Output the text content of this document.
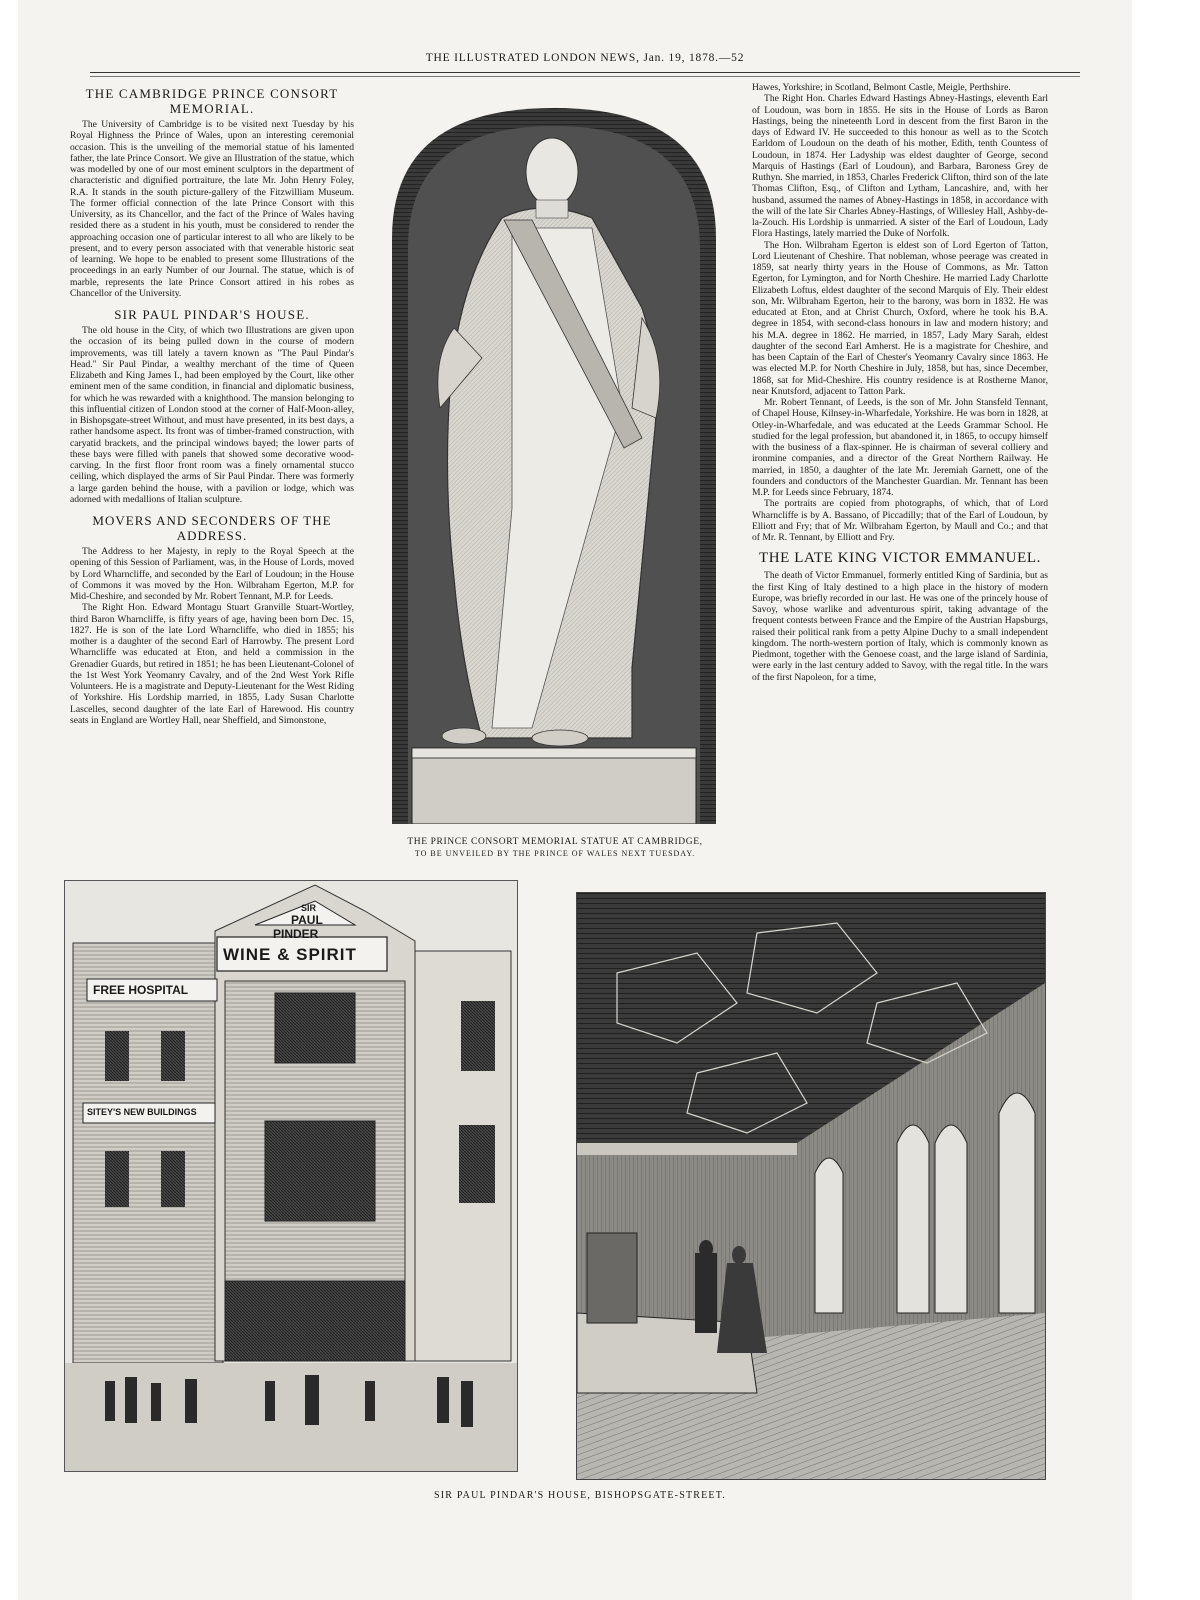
THE ILLUSTRATED LONDON NEWS, Jan. 19, 1878.—52
THE CAMBRIDGE PRINCE CONSORT
MEMORIAL.

The University of Cambridge is to be visited next Tuesday by his Royal Highness the Prince of Wales, upon an interesting ceremonial occasion. This is the unveiling of the memorial statue of his lamented father, the late Prince Consort. We give an Illustration of the statue, which was modelled by one of our most eminent sculptors in the department of characteristic and dignified portraiture, the late Mr. John Henry Foley, R.A. It stands in the south picture-gallery of the Fitzwilliam Museum. The former official connection of the late Prince Consort with this University, as its Chancellor, and the fact of the Prince of Wales having resided there as a student in his youth, must be considered to render the approaching occasion one of particular interest to all who are likely to be present, and to every person associated with that venerable historic seat of learning. We hope to be enabled to present some Illustrations of the proceedings in an early Number of our Journal. The statue, which is of marble, represents the late Prince Consort attired in his robes as Chancellor of the University.

SIR PAUL PINDAR'S HOUSE.

The old house in the City, of which two Illustrations are given upon the occasion of its being pulled down in the course of modern improvements, was till lately a tavern known as "The Paul Pindar's Head." Sir Paul Pindar, a wealthy merchant of the time of Queen Elizabeth and King James I., had been employed by the Court, like other eminent men of the same condition, in financial and diplomatic business, for which he was rewarded with a knighthood. The mansion belonging to this influential citizen of London stood at the corner of Half-Moon-alley, in Bishopsgate-street Without, and must have presented, in its best days, a rather handsome aspect. Its front was of timber-framed construction, with caryatid brackets, and the principal windows bayed; the lower parts of these bays were filled with panels that showed some decorative wood-carving. In the first floor front room was a finely ornamental stucco ceiling, which displayed the arms of Sir Paul Pindar. There was formerly a large garden behind the house, with a pavilion or lodge, which was adorned with medallions of Italian sculpture.

MOVERS AND SECONDERS OF THE
ADDRESS.

The Address to her Majesty, in reply to the Royal Speech at the opening of this Session of Parliament, was, in the House of Lords, moved by Lord Wharncliffe, and seconded by the Earl of Loudoun; in the House of Commons it was moved by the Hon. Wilbraham Egerton, M.P. for Mid-Cheshire, and seconded by Mr. Robert Tennant, M.P. for Leeds.

The Right Hon. Edward Montagu Stuart Granville Stuart-Wortley, third Baron Wharncliffe, is fifty years of age, having been born Dec. 15, 1827. He is son of the late Lord Wharncliffe, who died in 1855; his mother is a daughter of the second Earl of Harrowby. The present Lord Wharncliffe was educated at Eton, and held a commission in the Grenadier Guards, but retired in 1851; he has been Lieutenant-Colonel of the 1st West York Yeomanry Cavalry, and of the 2nd West York Rifle Volunteers. He is a magistrate and Deputy-Lieutenant for the West Riding of Yorkshire. His Lordship married, in 1855, Lady Susan Charlotte Lascelles, second daughter of the late Earl of Harewood. His country seats in England are Wortley Hall, near Sheffield, and Simonstone,

THE PRINCE CONSORT MEMORIAL STATUE AT CAMBRIDGE,
TO BE UNVEILED BY THE PRINCE OF WALES NEXT TUESDAY.

Hawes, Yorkshire; in Scotland, Belmont Castle, Meigle, Perthshire.

The Right Hon. Charles Edward Hastings Abney-Hastings, eleventh Earl of Loudoun, was born in 1855. He sits in the House of Lords as Baron Hastings, being the nineteenth Lord in descent from the first Baron in the days of Edward IV. He succeeded to this honour as well as to the Scotch Earldom of Loudoun on the death of his mother, Edith, tenth Countess of Loudoun, in 1874. Her Ladyship was eldest daughter of George, second Marquis of Hastings (Earl of Loudoun), and Barbara, Baroness Grey de Ruthyn. She married, in 1853, Charles Frederick Clifton, third son of the late Thomas Clifton, Esq., of Clifton and Lytham, Lancashire, and, with her husband, assumed the names of Abney-Hastings in 1858, in accordance with the will of the late Sir Charles Abney-Hastings, of Willesley Hall, Ashby-de-la-Zouch. His Lordship is unmarried. A sister of the Earl of Loudoun, Lady Flora Hastings, lately married the Duke of Norfolk.

The Hon. Wilbraham Egerton is eldest son of Lord Egerton of Tatton, Lord Lieutenant of Cheshire. That nobleman, whose peerage was created in 1859, sat nearly thirty years in the House of Commons, as Mr. Tatton Egerton, for Lymington, and for North Cheshire. He married Lady Charlotte Elizabeth Loftus, eldest daughter of the second Marquis of Ely. Their eldest son, Mr. Wilbraham Egerton, heir to the barony, was born in 1832. He was educated at Eton, and at Christ Church, Oxford, where he took his B.A. degree in 1854, with second-class honours in law and modern history; and his M.A. degree in 1862. He married, in 1857, Lady Mary Sarah, eldest daughter of the second Earl Amherst. He is a magistrate for Cheshire, and has been Captain of the Earl of Chester's Yeomanry Cavalry since 1863. He was elected M.P. for North Cheshire in July, 1858, but has, since December, 1868, sat for Mid-Cheshire. His country residence is at Rostherne Manor, near Knutsford, adjacent to Tatton Park.

Mr. Robert Tennant, of Leeds, is the son of Mr. John Stansfeld Tennant, of Chapel House, Kilnsey-in-Wharfedale, Yorkshire. He was born in 1828, at Otley-in-Wharfedale, and was educated at the Leeds Grammar School. He studied for the legal profession, but abandoned it, in 1865, to occupy himself with the business of a flax-spinner. He is chairman of several colliery and ironmine companies, and a director of the Great Northern Railway. He married, in 1850, a daughter of the late Mr. Jeremiah Garnett, one of the founders and conductors of the Manchester Guardian. Mr. Tennant has been M.P. for Leeds since February, 1874.

The portraits are copied from photographs, of which, that of Lord Wharncliffe is by A. Bassano, of Piccadilly; that of the Earl of Loudoun, by Elliott and Fry; that of Mr. Wilbraham Egerton, by Maull and Co.; and that of Mr. R. Tennant, by Elliott and Fry.

THE LATE KING VICTOR EMMANUEL.

The death of Victor Emmanuel, formerly entitled King of Sardinia, but as the first King of Italy destined to a high place in the history of modern Europe, was briefly recorded in our last. He was one of the princely house of Savoy, whose warlike and adventurous spirit, taking advantage of the frequent contests between France and the Empire of the Austrian Hapsburgs, raised their political rank from a petty Alpine Duchy to a small independent kingdom. The north-western portion of Italy, which is commonly known as Piedmont, together with the Genoese coast, and the large island of Sardinia, were early in the last century added to Savoy, with the regal title. In the wars of the first Napoleon, for a time,

SIR
PAUL
PINDER
WINE & SPIRIT
FREE HOSPITAL
SITEY'S NEW BUILDINGS
SIR PAUL PINDAR'S HOUSE, BISHOPSGATE-STREET.
